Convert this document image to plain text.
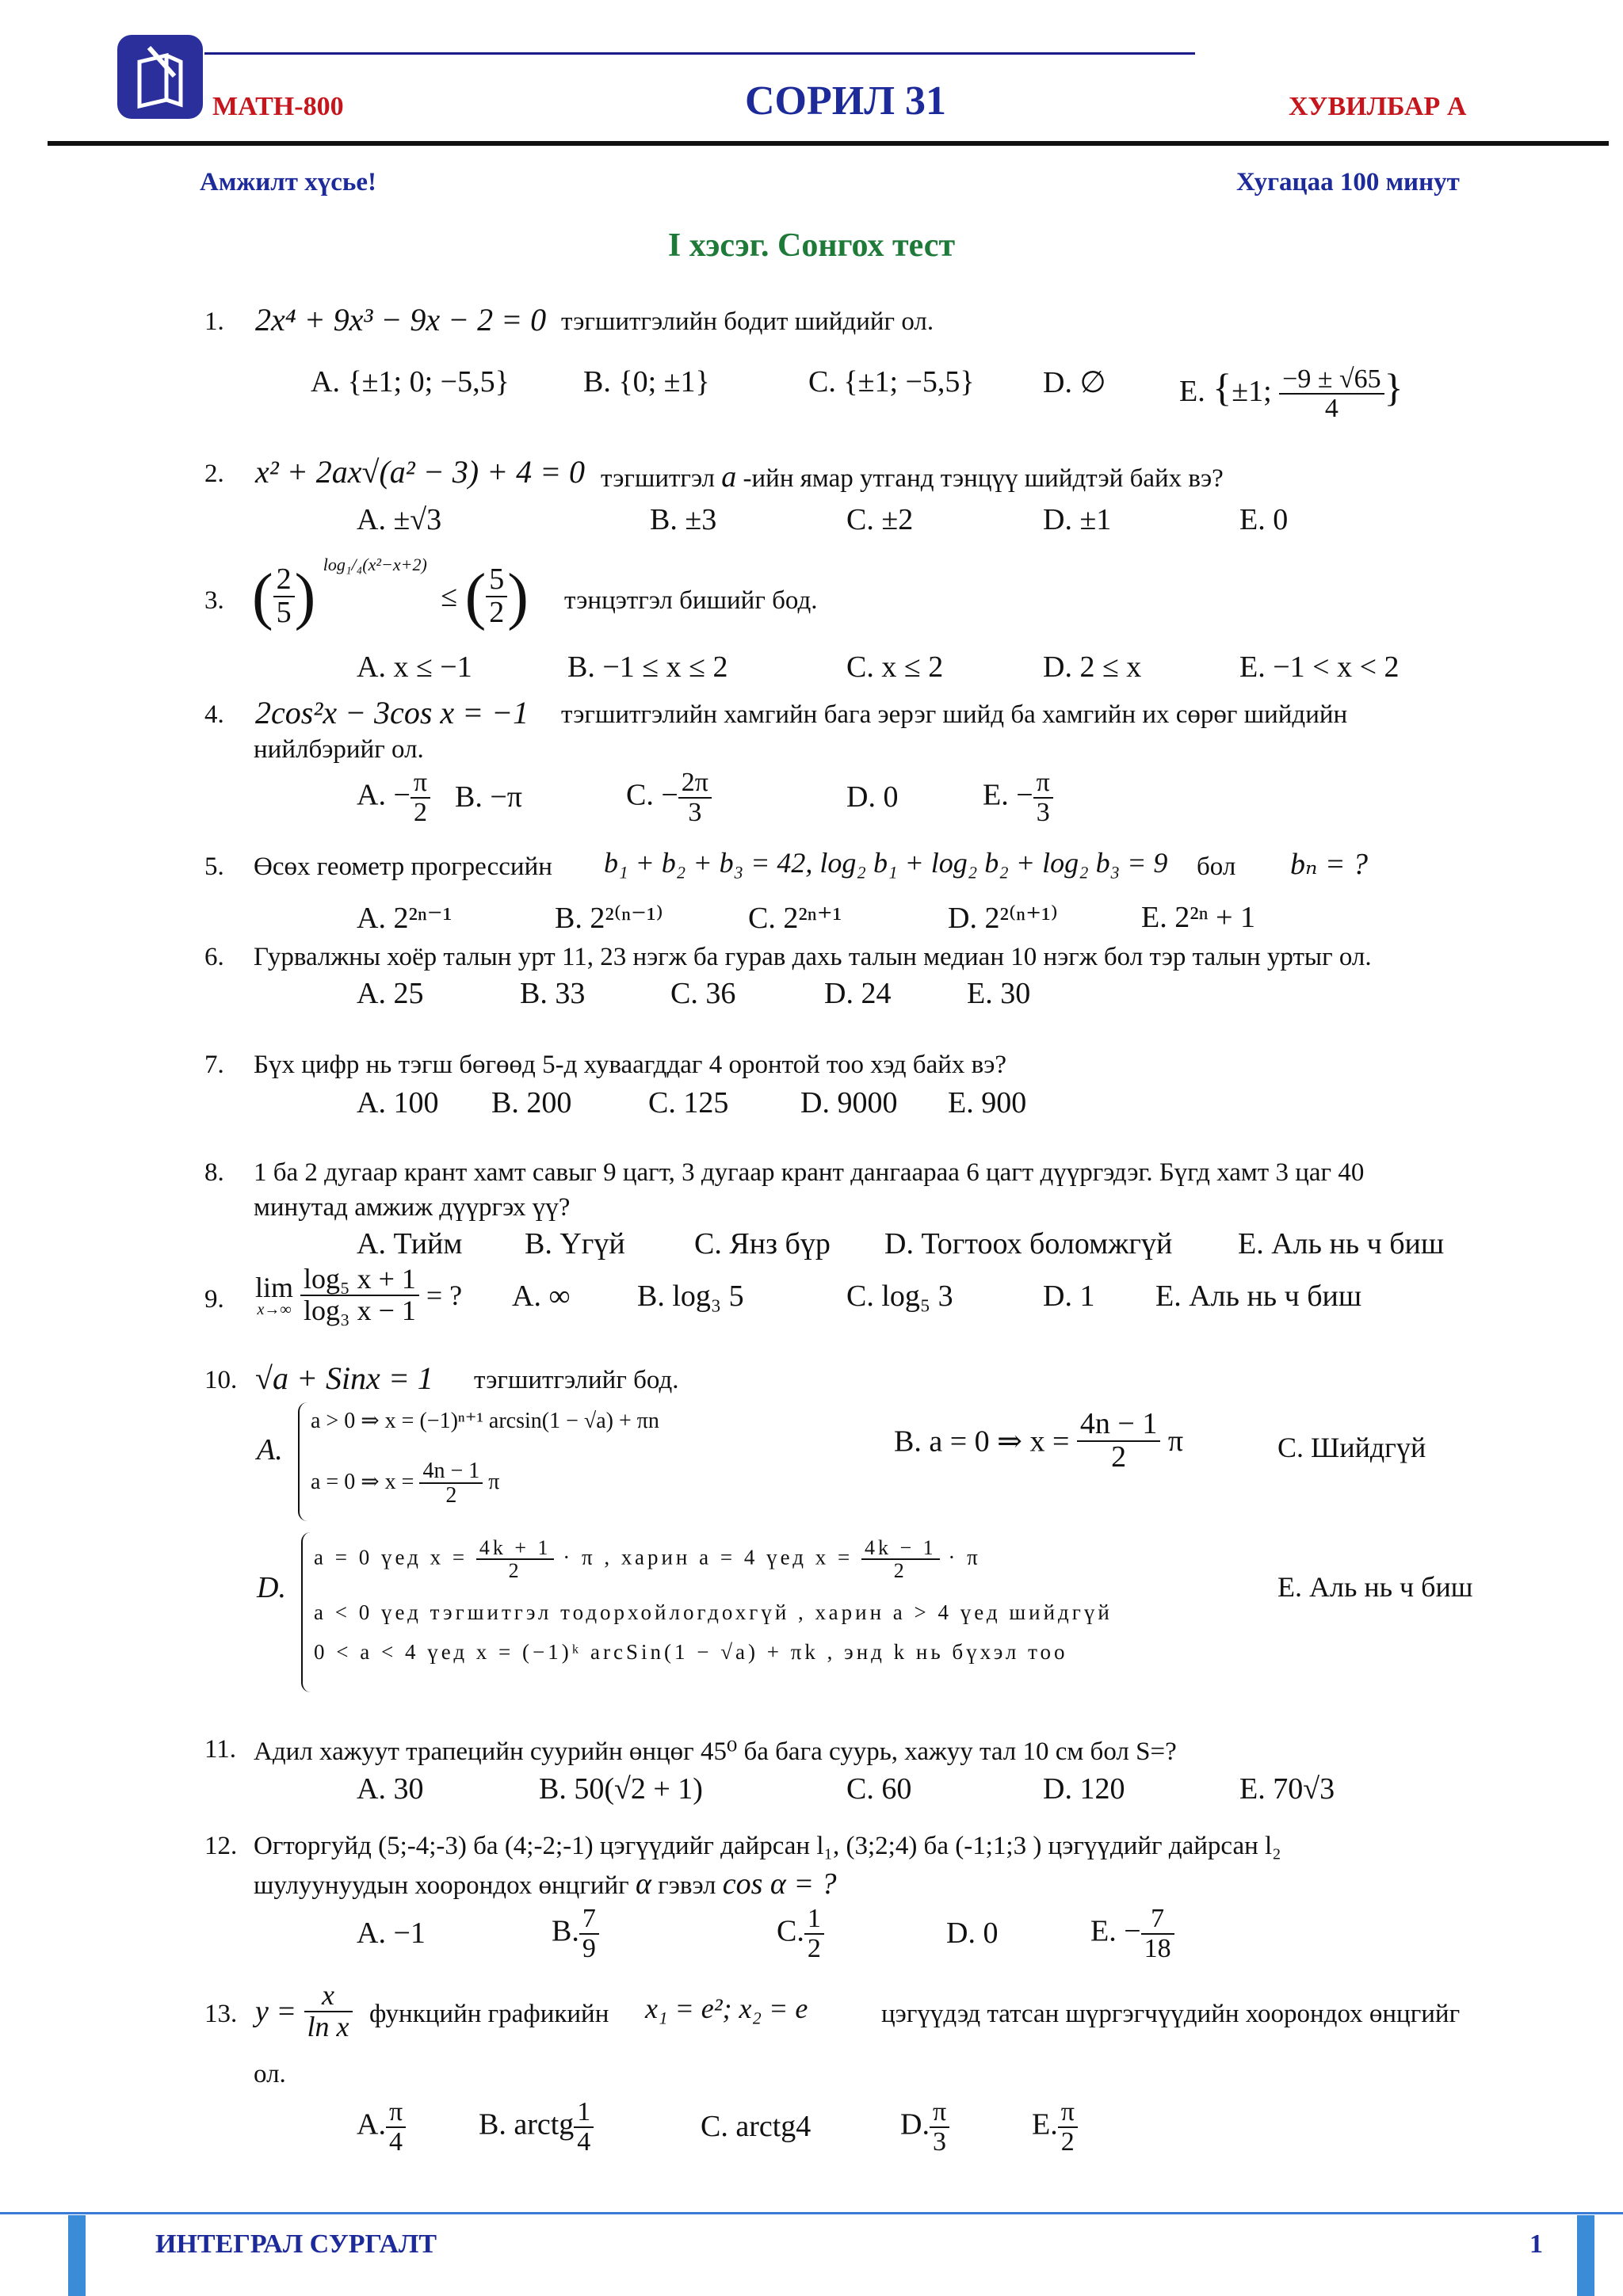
MATH-800	СОРИЛ 31	ХУВИЛБАР А
Амжилт хүсье!	Хугацаа 100 минут
I хэсэг. Сонгох тест
1. 2x⁴ + 9x³ − 9x − 2 = 0 тэгшитгэлийн бодит шийдийг ол.
A. {±1; 0; −5,5} B. {0; ±1}	C. {±1; −5,5} D. ∅ E. {±1; $\frac{-9 \pm √65}{4}$ }
2. x² + 2ax√(a² − 3) + 4 = 0 тэгшитгэл a -ийн ямар утганд тэнцүү шийдтэй байх вэ?
A. ±√3	B. ±3	C. ±2	D. ±1	E. 0
3. ( $\frac{2}{5}$ ) $^{log_1/_4(x^2-x+2)}$ ≤ ( $\frac{5}{2}$ ) тэнцэтгэл бишийг бод.
A. x ≤ −1	B. −1 ≤ x ≤ 2	C. x ≤ 2	D. 2 ≤ x	E. −1 < x < 2
4. 2cos²x − 3cos x = −1 тэгшитгэлийн хамгийн бага эерэг шийд ба хамгийн их сөрөг шийдийн
нийлбэрийг ол.
A. − $\frac{\pi}{2} B$. −π	C. − $\frac{2\pi}{3}$	D. 0	E. − $\frac{\pi}{3}$
5. Өсөх геометр прогрессийн b₁ + b₂ + b₃ = 42, log₂ b₁ + log₂ b₂ + log₂ b₃ = 9 бол bₙ = ?
A. 2²ⁿ⁻¹	B. 2²⁽ⁿ⁻¹⁾	C. 2²ⁿ⁺¹	D. 2²⁽ⁿ⁺¹⁾	E. 2²ⁿ + 1
6. Гурвалжны хоёр талын урт 11, 23 нэгж ба гурав дахь талын медиан 10 нэгж бол тэр талын уртыг ол.
A. 25	B. 33	C. 36	D. 24	E. 30
7. Бүх цифр нь тэгш бөгөөд 5-д хуваагддаг 4 оронтой тоо хэд байх вэ?
A. 100 B. 200	C. 125 D. 9000 E. 900
8. 1 ба 2 дугаар крант хамт савыг 9 цагт, 3 дугаар крант дангаараа 6 цагт дүүргэдэг. Бүгд хамт 3 цаг 40
минутад амжиж дүүргэх үү?
A. Тийм B. Үгүй C. Янз бүр D. Тогтоох боломжгүй E. Аль нь ч биш
9. lim
x→∞
$\frac{\text{log₅ x + 1}}{\text{log₃ x − 1}}$ = ? A. ∞ B. log₃ 5	C. log₅ 3	D. 1 E. Аль нь ч биш
10. √a + Sinx = 1 тэгшитгэлийг бод.
A.
a > 0 ⇒ x = (−1)ⁿ⁺¹ arcsin(1 − √a) + πn
a = 0 ⇒ $x = \frac{4n - 1}{2}$ π
B. a = 0 ⇒ $x = \frac{4n - 1}{2}$ π	C. Шийдгүй
D.
a = 0 үед $x = \frac{4k + 1}{2} \cdot \pi$ , харин a = 4 үед $x = \frac{4k - 1}{2} \cdot \pi$
a < 0 үед тэгшитгэл тодорхойлогдохгүй , харин a > 4 үед шийдгүй
0 < a < 4 үед x = (−1)ᵏ arcSin(1 − √a) + πk , энд k нь бүхэл тоо
E. Аль нь ч биш
11. Адил хажуут трапецийн суурийн өнцөг 45⁰ ба бага суурь, хажуу тал 10 см бол S=?
A. 30	B. 50(√2 + 1)	C. 60	D. 120	E. 70√3
12. Огторгуйд (5;-4;-3) ба (4;-2;-1) цэгүүдийг дайрсан l₁, (3;2;4) ба (-1;1;3 ) цэгүүдийг дайрсан l₂
шулуунуудын хоорондох өнцгийг α гэвэл cos α = ?
A. −1	B. $\frac{7}{9}$	C. $\frac{1}{2}$	D. 0	E. − $\frac{7}{18}$
13. $y = \frac{x}{\text{ln x}}$ функцийн графикийн x₁ = e²; x₂ = e	цэгүүдэд татсан шүргэгчүүдийн хоорондох өнцгийг
ол.
A. $\frac{\pi}{4} B$. arctg $\frac{1}{4}$	C. arctg4	D. $\frac{\pi}{3}$	E. $\frac{\pi}{2}$
ИНТЕГРАЛ СУРГАЛТ	1
